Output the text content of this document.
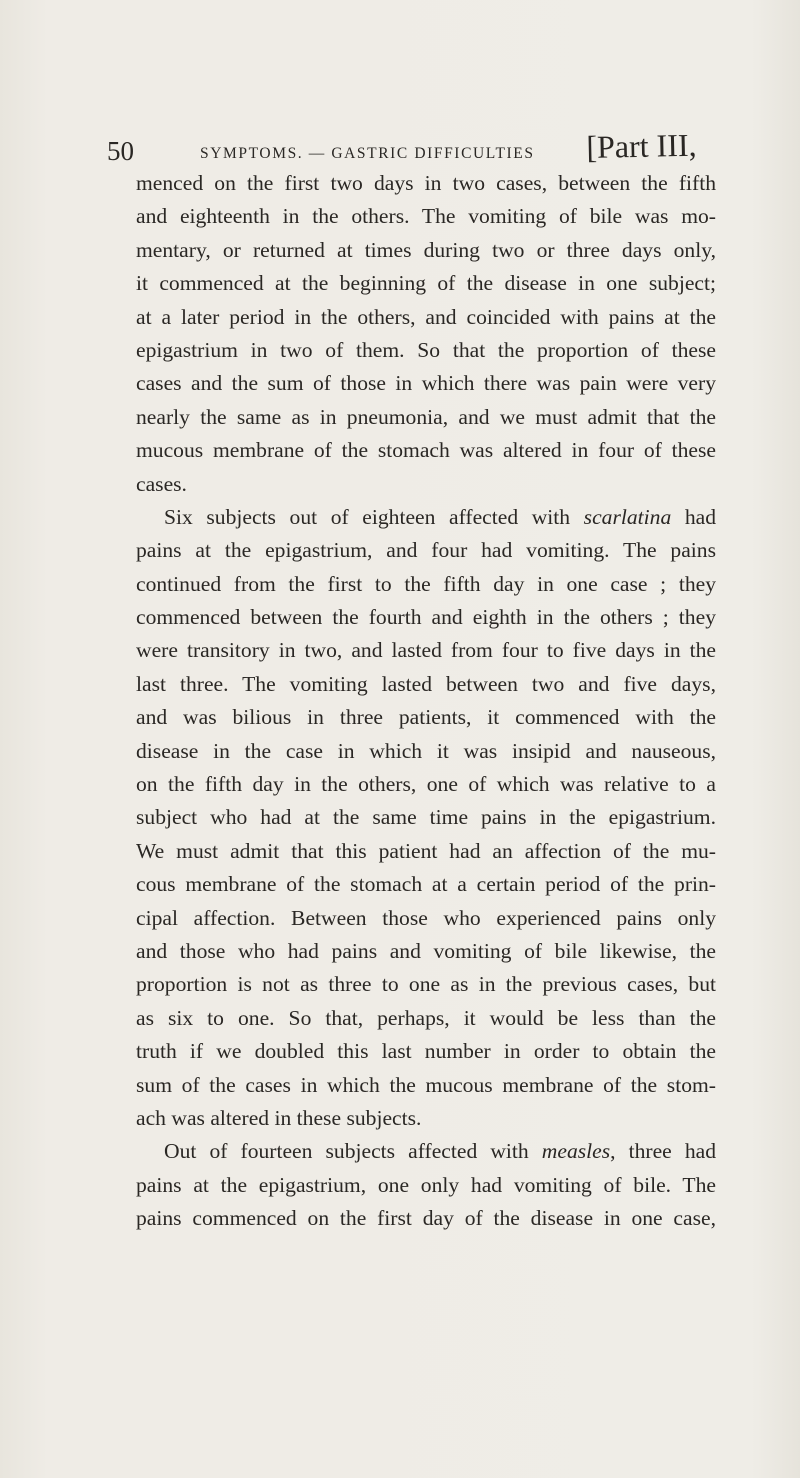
50	SYMPTOMS. — GASTRIC DIFFICULTIES [Part III,
menced on the first two days in two cases, between the fifth
and eighteenth in the others. The vomiting of bile was mo-
mentary, or returned at times during two or three days only,
it commenced at the beginning of the disease in one subject;
at a later period in the others, and coincided with pains at the
epigastrium in two of them. So that the proportion of these
cases and the sum of those in which there was pain were very
nearly the same as in pneumonia, and we must admit that the
mucous membrane of the stomach was altered in four of these
cases.
Six subjects out of eighteen affected with scarlatina had
pains at the epigastrium, and four had vomiting. The pains
continued from the first to the fifth day in one case ; they
commenced between the fourth and eighth in the others ; they
were transitory in two, and lasted from four to five days in the
last three. The vomiting lasted between two and five days,
and was bilious in three patients, it commenced with the
disease in the case in which it was insipid and nauseous,
on the fifth day in the others, one of which was relative to a
subject who had at the same time pains in the epigastrium.
We must admit that this patient had an affection of the mu-
cous membrane of the stomach at a certain period of the prin-
cipal affection. Between those who experienced pains only
and those who had pains and vomiting of bile likewise, the
proportion is not as three to one as in the previous cases, but
as six to one. So that, perhaps, it would be less than the
truth if we doubled this last number in order to obtain the
sum of the cases in which the mucous membrane of the stom-
ach was altered in these subjects.
Out of fourteen subjects affected with measles, three had
pains at the epigastrium, one only had vomiting of bile. The
pains commenced on the first day of the disease in one case,
